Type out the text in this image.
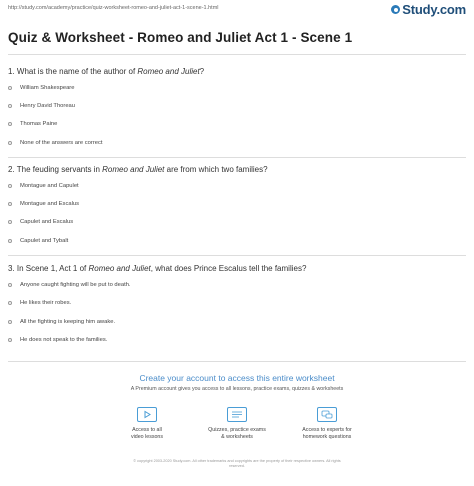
http://study.com/academy/practice/quiz-worksheet-romeo-and-juliet-act-1-scene-1.html	Study.com
Quiz & Worksheet - Romeo and Juliet Act 1 - Scene 1
1. What is the name of the author of Romeo and Juliet?
William Shakespeare
Henry David Thoreau
Thomas Paine
None of the answers are correct
2. The feuding servants in Romeo and Juliet are from which two families?
Montague and Capulet
Montague and Escalus
Capulet and Escalus
Capulet and Tybalt
3. In Scene 1, Act 1 of Romeo and Juliet, what does Prince Escalus tell the families?
Anyone caught fighting will be put to death.
He likes their robes.
All the fighting is keeping him awake.
He does not speak to the families.
Create your account to access this entire worksheet
A Premium account gives you access to all lessons, practice exams, quizzes & worksheets
Access to all
video lessons
Quizzes, practice exams
& worksheets
Access to experts for
homework questions
© copyright 2003-2020 Study.com. All other trademarks and copyrights are the property of their respective owners. All rights
reserved.
